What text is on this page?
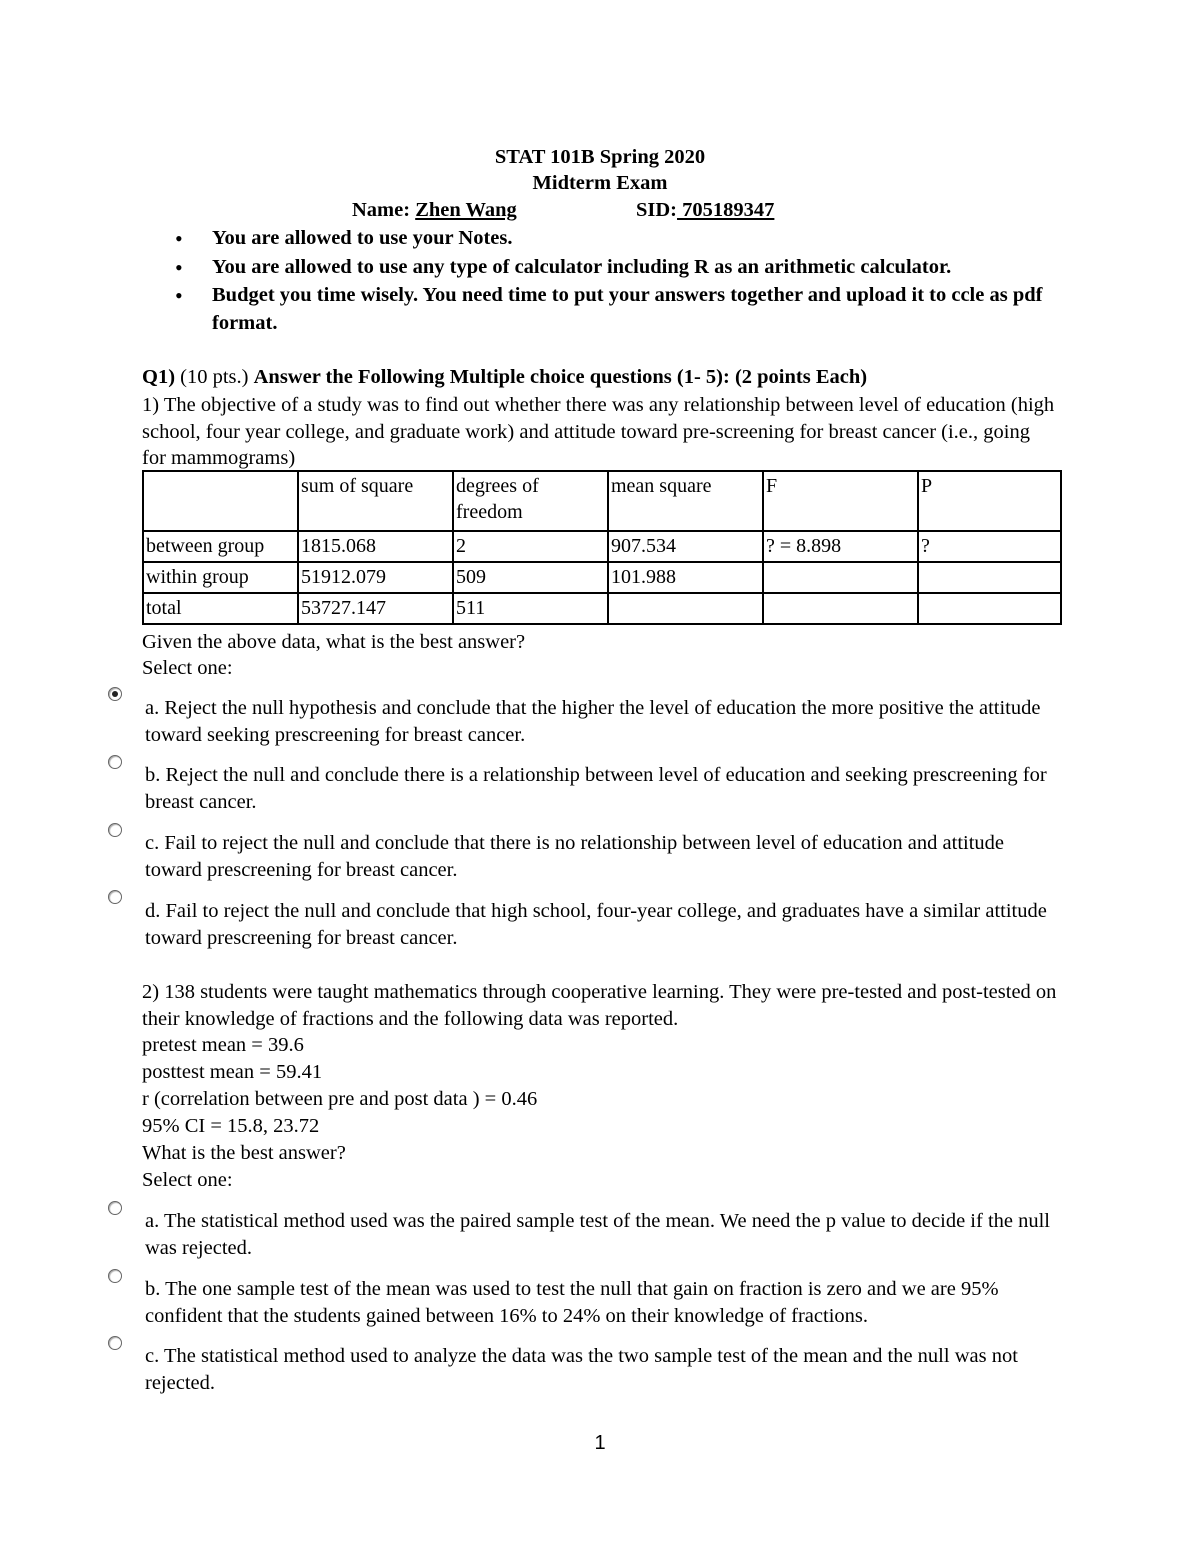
STAT 101B Spring 2020
Midterm Exam
Name: Zhen Wang	SID: 705189347
• You are allowed to use your Notes.
• You are allowed to use any type of calculator including R as an arithmetic calculator.
• Budget you time wisely. You need time to put your answers together and upload it to ccle as pdf format.
Q1) (10 pts.) Answer the Following Multiple choice questions (1- 5): (2 points Each)
1) The objective of a study was to find out whether there was any relationship between level of education (high school, four year college, and graduate work) and attitude toward pre-screening for breast cancer (i.e., going for mammograms)
	sum of square	degrees of freedom	mean square	F	P
between group	1815.068	2	907.534	? = 8.898	?
within group	51912.079	509	101.988		
total	53727.147	511			
Given the above data, what is the best answer?
Select one:
a. Reject the null hypothesis and conclude that the higher the level of education the more positive the attitude toward seeking prescreening for breast cancer.
b. Reject the null and conclude there is a relationship between level of education and seeking prescreening for breast cancer.
c. Fail to reject the null and conclude that there is no relationship between level of education and attitude toward prescreening for breast cancer.
d. Fail to reject the null and conclude that high school, four-year college, and graduates have a similar attitude toward prescreening for breast cancer.
2) 138 students were taught mathematics through cooperative learning. They were pre-tested and post-tested on their knowledge of fractions and the following data was reported.
pretest mean = 39.6
posttest mean = 59.41
r (correlation between pre and post data ) = 0.46
95% CI = 15.8, 23.72
What is the best answer?
Select one:
a. The statistical method used was the paired sample test of the mean. We need the p value to decide if the null was rejected.
b. The one sample test of the mean was used to test the null that gain on fraction is zero and we are 95% confident that the students gained between 16% to 24% on their knowledge of fractions.
c. The statistical method used to analyze the data was the two sample test of the mean and the null was not rejected.
1
